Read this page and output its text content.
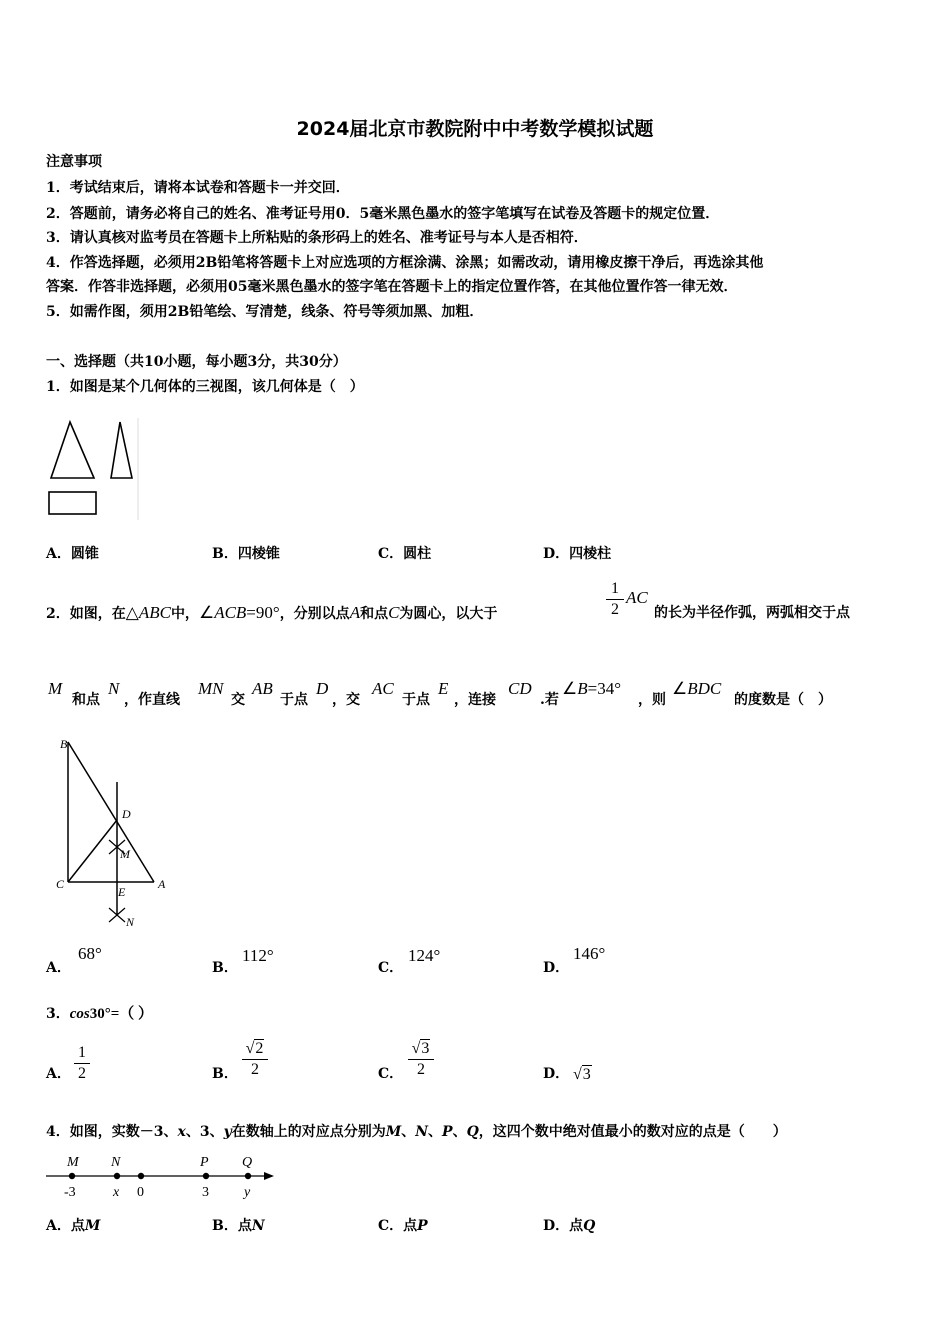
2024届北京市教院附中中考数学模拟试题
注意事项
1．考试结束后，请将本试卷和答题卡一并交回．
2．答题前，请务必将自己的姓名、准考证号用0．5毫米黑色墨水的签字笔填写在试卷及答题卡的规定位置．
3．请认真核对监考员在答题卡上所粘贴的条形码上的姓名、准考证号与本人是否相符．
4．作答选择题，必须用2B铅笔将答题卡上对应选项的方框涂满、涂黑；如需改动，请用橡皮擦干净后，再选涂其他
答案．作答非选择题，必须用05毫米黑色墨水的签字笔在答题卡上的指定位置作答，在其他位置作答一律无效．
5．如需作图，须用2B铅笔绘、写清楚，线条、符号等须加黑、加粗．
一、选择题（共10小题，每小题3分，共30分）
1．如图是某个几何体的三视图，该几何体是（　）
A．圆锥	B．四棱锥	C．圆柱	D．四棱柱
2．如图，在△ABC中，∠ACB=90°，分别以点A和点C为圆心，以大于
1
2
AC
的长为半径作弧，两弧相交于点
M
和点
N
，作直线
MN
交
AB
于点
D
，交
AC
于点
E
，连接
CD
.若
∠B=34°
，则
∠BDC
的度数是（　）
B
D
M
C
E
A
N
A．
68°
B．
112°
C．
124°
D．
146°
3．cos30°=（ ）
A．
1
2	B．
√2
2	C．
√3
2	D． √3
4．如图，实数－3、x、3、y在数轴上的对应点分别为M、N、P、Q，这四个数中绝对值最小的数对应的点是（　　）
M N	P Q
-3	x 0	3	y
A．点M	B．点N	C．点P	D．点Q
